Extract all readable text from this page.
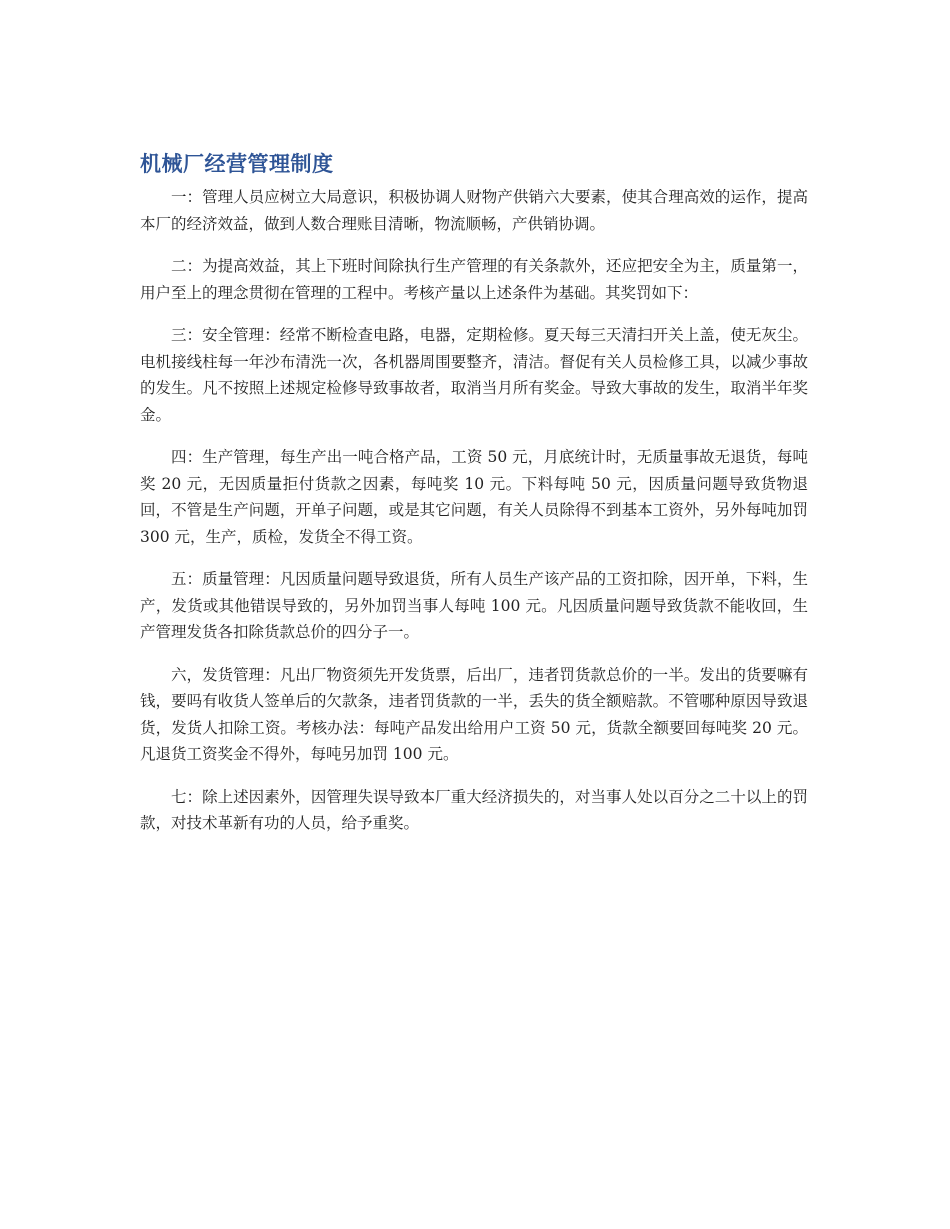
机械厂经营管理制度

一：管理人员应树立大局意识，积极协调人财物产供销六大要素，使其合理高效的运作，提高本厂的经济效益，做到人数合理账目清晰，物流顺畅，产供销协调。

二：为提高效益，其上下班时间除执行生产管理的有关条款外，还应把安全为主，质量第一，用户至上的理念贯彻在管理的工程中。考核产量以上述条件为基础。其奖罚如下：

三：安全管理：经常不断检查电路，电器，定期检修。夏天每三天清扫开关上盖，使无灰尘。电机接线柱每一年沙布清洗一次，各机器周围要整齐，清洁。督促有关人员检修工具，以减少事故的发生。凡不按照上述规定检修导致事故者，取消当月所有奖金。导致大事故的发生，取消半年奖金。

四：生产管理，每生产出一吨合格产品，工资 50 元，月底统计时，无质量事故无退货，每吨奖 20 元，无因质量拒付货款之因素，每吨奖 10 元。下料每吨 50 元，因质量问题导致货物退回，不管是生产问题，开单子问题，或是其它问题，有关人员除得不到基本工资外，另外每吨加罚 300 元，生产，质检，发货全不得工资。

五：质量管理：凡因质量问题导致退货，所有人员生产该产品的工资扣除，因开单，下料，生产，发货或其他错误导致的，另外加罚当事人每吨 100 元。凡因质量问题导致货款不能收回，生产管理发货各扣除货款总价的四分子一。

六，发货管理：凡出厂物资须先开发货票，后出厂，违者罚货款总价的一半。发出的货要嘛有钱，要吗有收货人签单后的欠款条，违者罚货款的一半，丢失的货全额赔款。不管哪种原因导致退货，发货人扣除工资。考核办法：每吨产品发出给用户工资 50 元，货款全额要回每吨奖 20 元。凡退货工资奖金不得外，每吨另加罚 100 元。

七：除上述因素外，因管理失误导致本厂重大经济损失的，对当事人处以百分之二十以上的罚款，对技术革新有功的人员，给予重奖。
